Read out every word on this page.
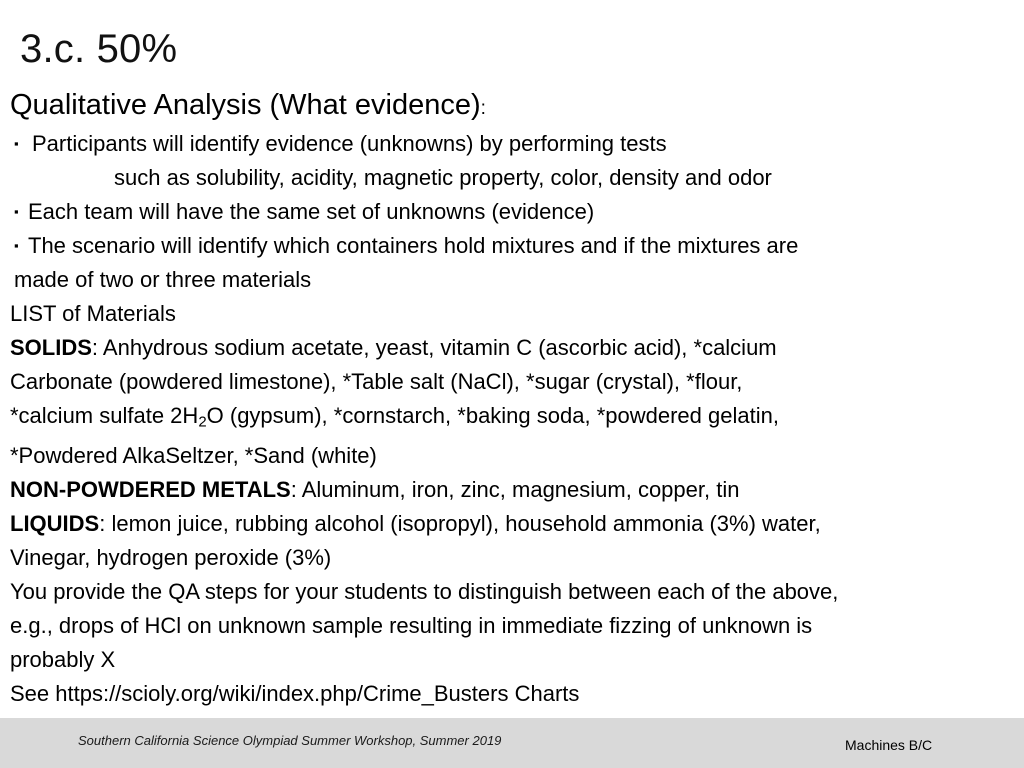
3.c. 50%
Qualitative Analysis (What evidence):
▪ Participants will identify evidence (unknowns) by performing tests
such as solubility, acidity, magnetic property, color, density and odor
▪ Each team will have the same set of unknowns (evidence)
▪ The scenario will identify which containers hold mixtures and if the mixtures are
made of two or three materials
LIST of Materials
SOLIDS: Anhydrous sodium acetate, yeast, vitamin C (ascorbic acid), *calcium
Carbonate (powdered limestone), *Table salt (NaCl), *sugar (crystal), *flour,
*calcium sulfate $2H_2O$ (gypsum), *cornstarch, *baking soda, *powdered gelatin,
*Powdered AlkaSeltzer, *Sand (white)
NON-POWDERED METALS: Aluminum, iron, zinc, magnesium, copper, tin
LIQUIDS: lemon juice, rubbing alcohol (isopropyl), household ammonia (3%) water,
Vinegar, hydrogen peroxide (3%)
You provide the QA steps for your students to distinguish between each of the above,
e.g., drops of HCl on unknown sample resulting in immediate fizzing of unknown is
probably X
See https://scioly.org/wiki/index.php/Crime_Busters Charts
Southern California Science Olympiad Summer Workshop, Summer 2019	Machines B/C
